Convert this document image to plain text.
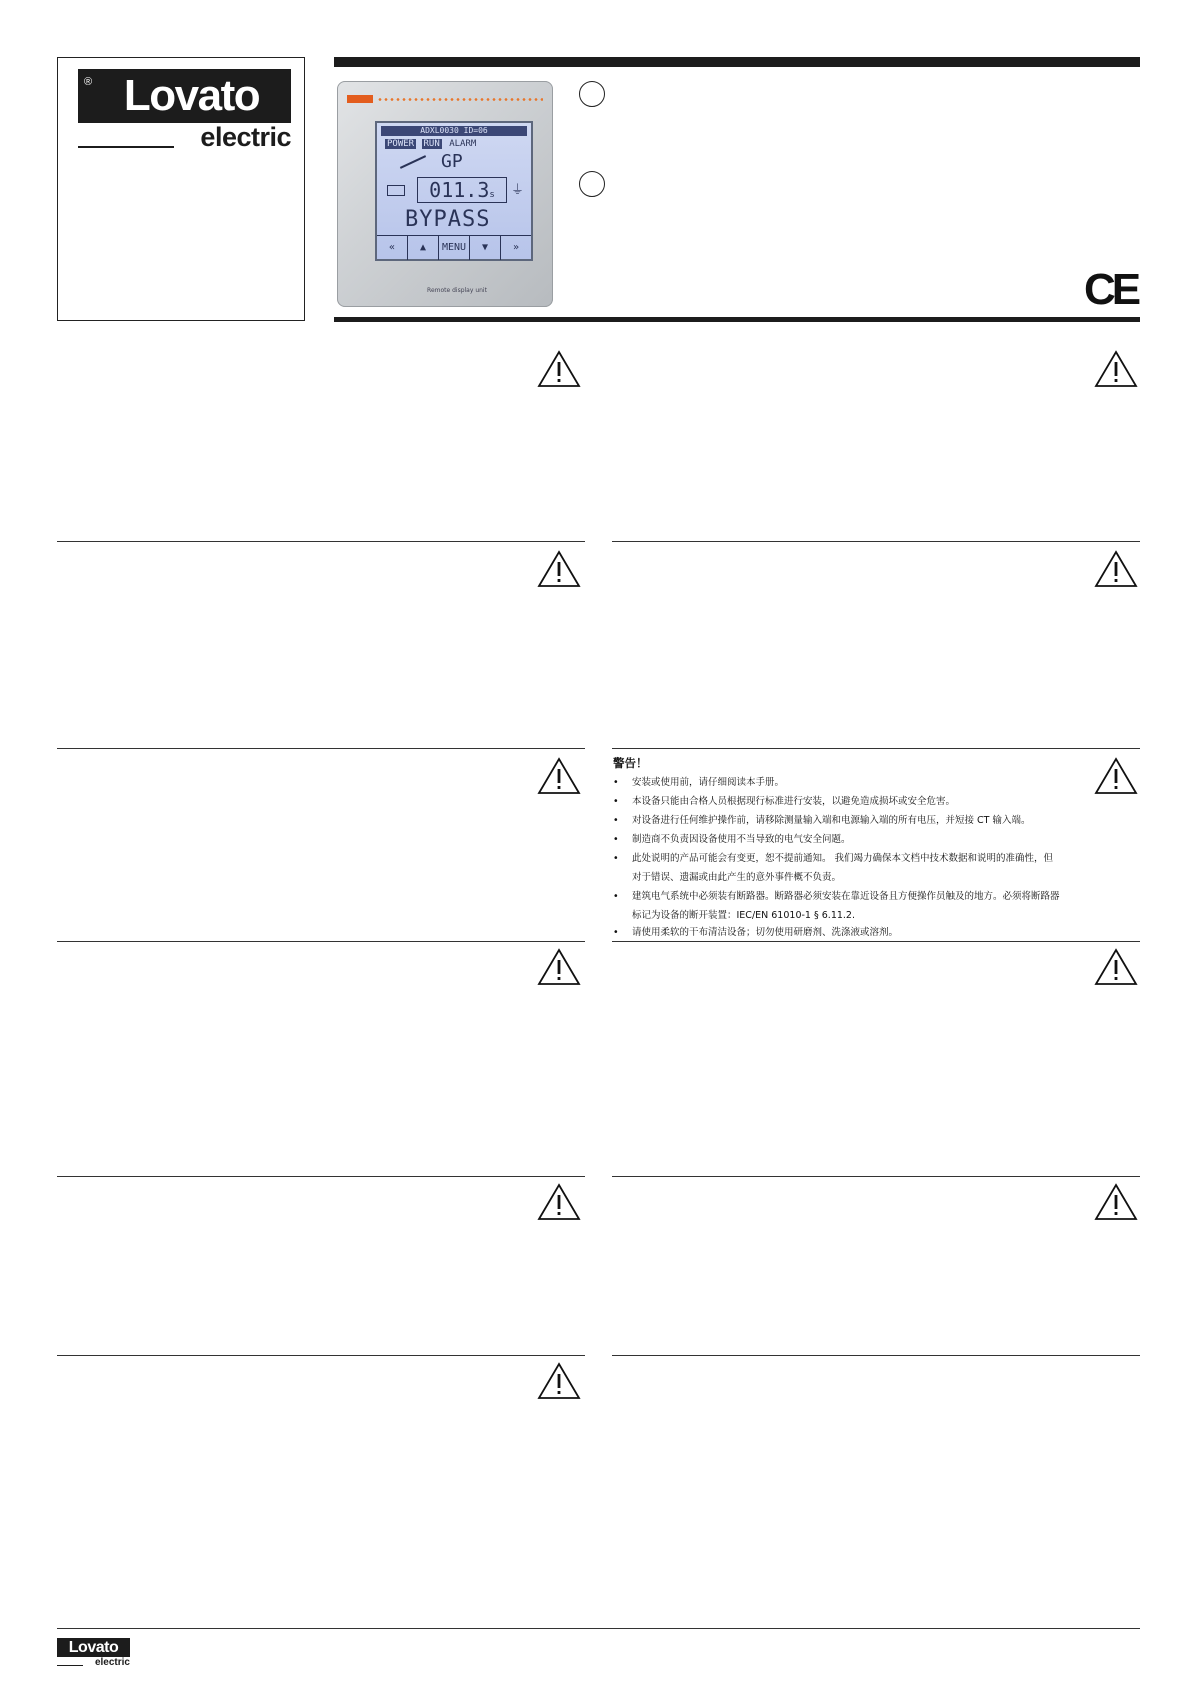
® Lovato
electric	ADXL0030 ID=06
POWER RUN ALARM
GP
011.3s	⏚
BYPASS
«	▲	MENU	▼	»
Remote display unit	CE
警告！
• 安装或使用前，请仔细阅读本手册。
• 本设备只能由合格人员根据现行标准进行安装，以避免造成损坏或安全危害。
• 对设备进行任何维护操作前，请移除测量输入端和电源输入端的所有电压，并短接 CT 输入端。
• 制造商不负责因设备使用不当导致的电气安全问题。
• 此处说明的产品可能会有变更，恕不提前通知。 我们竭力确保本文档中技术数据和说明的准确性，但
对于错误、遗漏或由此产生的意外事件概不负责。
• 建筑电气系统中必须装有断路器。断路器必须安装在靠近设备且方便操作员触及的地方。必须将断路器
标记为设备的断开装置：IEC/EN 61010-1 § 6.11.2.
• 请使用柔软的干布清洁设备；切勿使用研磨剂、洗涤液或溶剂。
Lovato
electric
